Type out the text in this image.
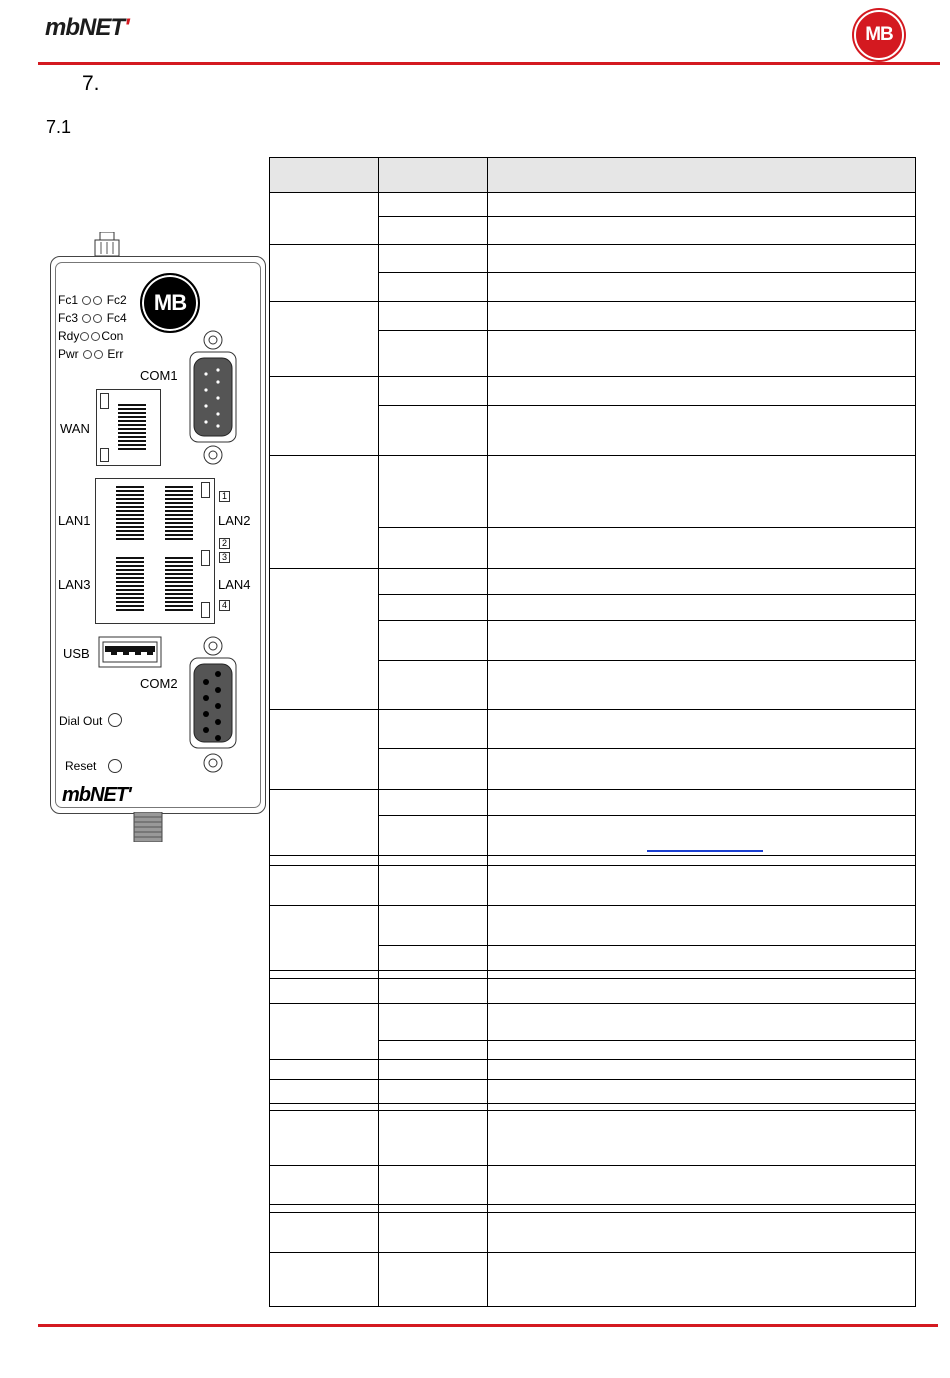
mbNET'	MB
7.
7.1
Fc1 Fc2
Fc3 Fc4
Rdy Con
Pwr Err
MB
COM1
WAN
LAN1	LAN2
LAN3	LAN4
1
2
3
4
USB
COM2
Dial Out
Reset
mbNET'
